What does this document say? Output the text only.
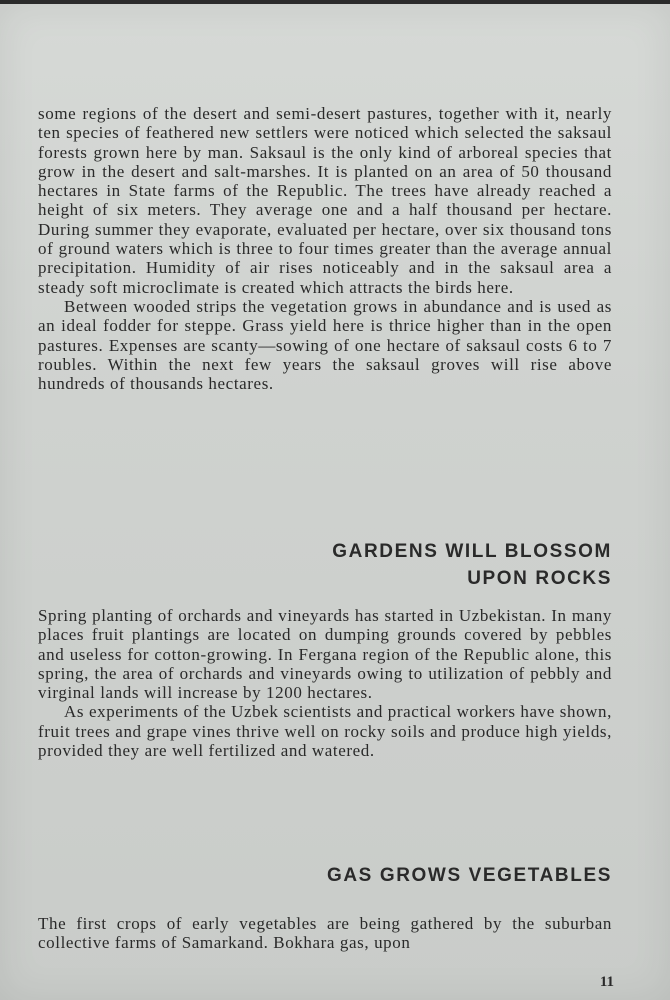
some regions of the desert and semi-desert pastures, together with it, nearly ten species of feathered new settlers were noticed which selected the saksaul forests grown here by man. Saksaul is the only kind of arboreal species that grow in the desert and salt-marshes. It is planted on an area of 50 thousand hectares in State farms of the Republic. The trees have already reached a height of six meters. They average one and a half thousand per hectare. During summer they evaporate, evaluated per hectare, over six thousand tons of ground waters which is three to four times greater than the average annual precipitation. Humidity of air rises noticeably and in the saksaul area a steady soft microclimate is created which attracts the birds here.

Between wooded strips the vegetation grows in abundance and is used as an ideal fodder for steppe. Grass yield here is thrice higher than in the open pastures. Expenses are scanty—sowing of one hectare of saksaul costs 6 to 7 roubles. Within the next few years the saksaul groves will rise above hundreds of thousands hectares.

GARDENS WILL BLOSSOM
UPON ROCKS

Spring planting of orchards and vineyards has started in Uzbekistan. In many places fruit plantings are located on dumping grounds covered by pebbles and useless for cotton-growing. In Fergana region of the Republic alone, this spring, the area of orchards and vineyards owing to utilization of pebbly and virginal lands will increase by 1200 hectares.

As experiments of the Uzbek scientists and practical workers have shown, fruit trees and grape vines thrive well on rocky soils and produce high yields, provided they are well fertilized and watered.

GAS GROWS VEGETABLES

The first crops of early vegetables are being gathered by the suburban collective farms of Samarkand. Bokhara gas, upon

11
